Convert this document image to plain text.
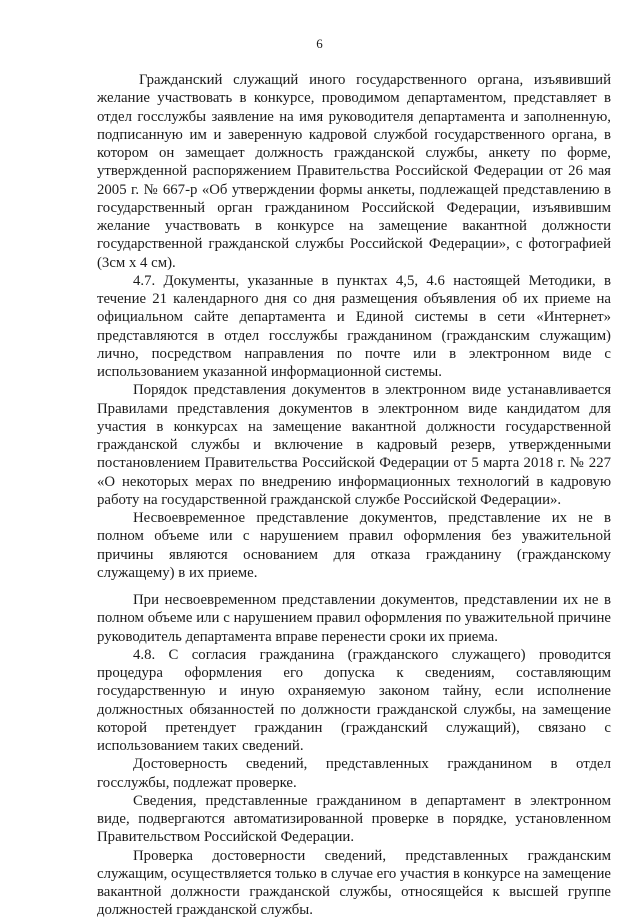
6

Гражданский служащий иного государственного органа, изъявивший желание участвовать в конкурсе, проводимом департаментом, представляет в отдел госслужбы заявление на имя руководителя департамента и заполненную, подписанную им и заверенную кадровой службой государственного органа, в котором он замещает должность гражданской службы, анкету по форме, утвержденной распоряжением Правительства Российской Федерации от 26 мая 2005 г. № 667-р «Об утверждении формы анкеты, подлежащей представлению в государственный орган гражданином Российской Федерации, изъявившим желание участвовать в конкурсе на замещение вакантной должности государственной гражданской службы Российской Федерации», с фотографией (3см х 4 см).

4.7. Документы, указанные в пунктах 4,5, 4.6 настоящей Методики, в течение 21 календарного дня со дня размещения объявления об их приеме на официальном сайте департамента и Единой системы в сети «Интернет» представляются в отдел госслужбы гражданином (гражданским служащим) лично, посредством направления по почте или в электронном виде с использованием указанной информационной системы.

Порядок представления документов в электронном виде устанавливается Правилами представления документов в электронном виде кандидатом для участия в конкурсах на замещение вакантной должности государственной гражданской службы и включение в кадровый резерв, утвержденными постановлением Правительства Российской Федерации от 5 марта 2018 г. № 227 «О некоторых мерах по внедрению информационных технологий в кадровую работу на государственной гражданской службе Российской Федерации».

Несвоевременное представление документов, представление их не в полном объеме или с нарушением правил оформления без уважительной причины являются основанием для отказа гражданину (гражданскому служащему) в их приеме.

При несвоевременном представлении документов, представлении их не в полном объеме или с нарушением правил оформления по уважительной причине руководитель департамента вправе перенести сроки их приема.

4.8. С согласия гражданина (гражданского служащего) проводится процедура оформления его допуска к сведениям, составляющим государственную и иную охраняемую законом тайну, если исполнение должностных обязанностей по должности гражданской службы, на замещение которой претендует гражданин (гражданский служащий), связано с использованием таких сведений.

Достоверность сведений, представленных гражданином в отдел госслужбы, подлежат проверке.

Сведения, представленные гражданином в департамент в электронном виде, подвергаются автоматизированной проверке в порядке, установленном Правительством Российской Федерации.

Проверка достоверности сведений, представленных гражданским служащим, осуществляется только в случае его участия в конкурсе на замещение вакантной должности гражданской службы, относящейся к высшей группе должностей гражданской службы.
